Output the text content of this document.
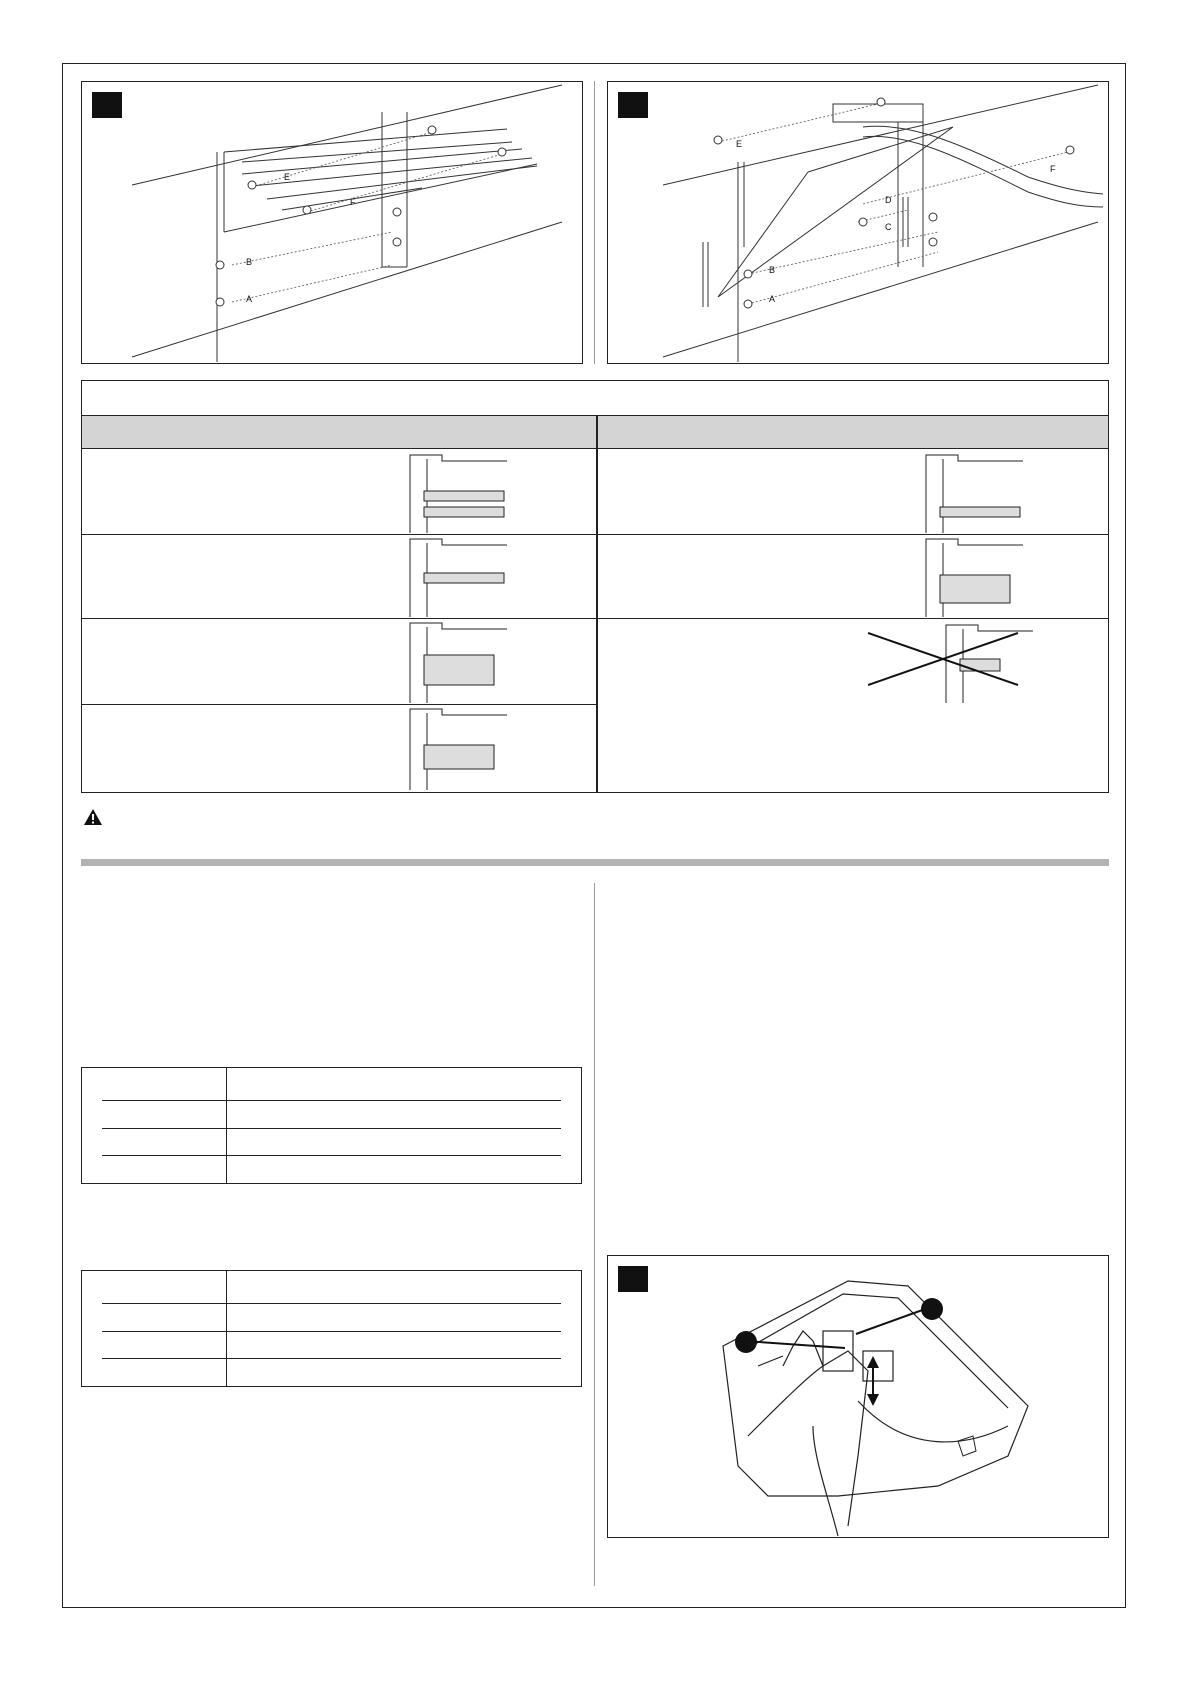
E
F
B
A
E
F
D
C
B
A
